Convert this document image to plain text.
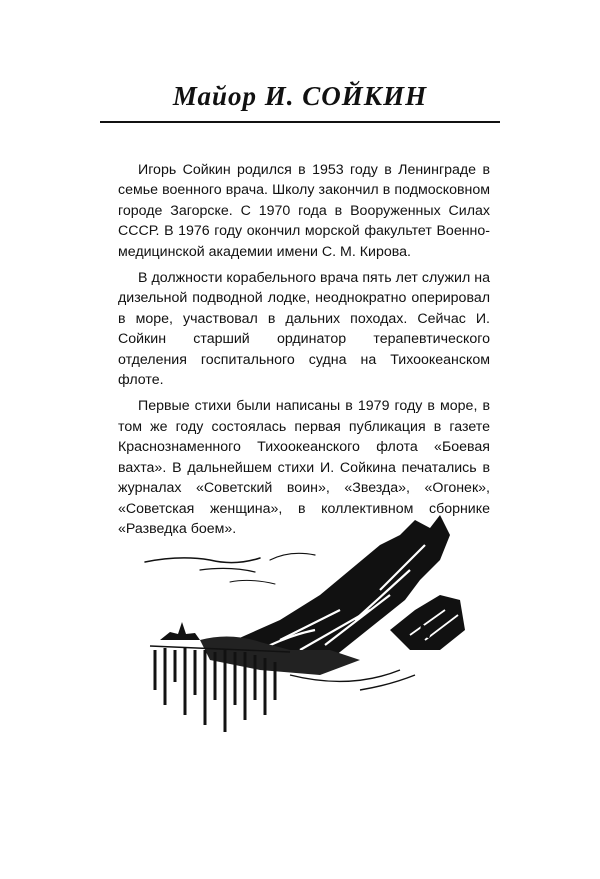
Майор И. СОЙКИН

Игорь Сойкин родился в 1953 году в Ленинграде в семье военного врача. Школу закончил в подмосковном городе Загорске. С 1970 года в Вооруженных Силах СССР. В 1976 году окончил морской факультет Военно-медицинской академии имени С. М. Кирова.

В должности корабельного врача пять лет служил на дизельной подводной лодке, неоднократно оперировал в море, участвовал в дальних походах. Сейчас И. Сойкин старший ординатор терапевтического отделения госпитального судна на Тихоокеанском флоте.

Первые стихи были написаны в 1979 году в море, в том же году состоялась первая публикация в газете Краснознаменного Тихоокеанского флота «Боевая вахта». В дальнейшем стихи И. Сойкина печатались в журналах «Советский воин», «Звезда», «Огонек», «Советская женщина», в коллективном сборнике «Разведка боем».
